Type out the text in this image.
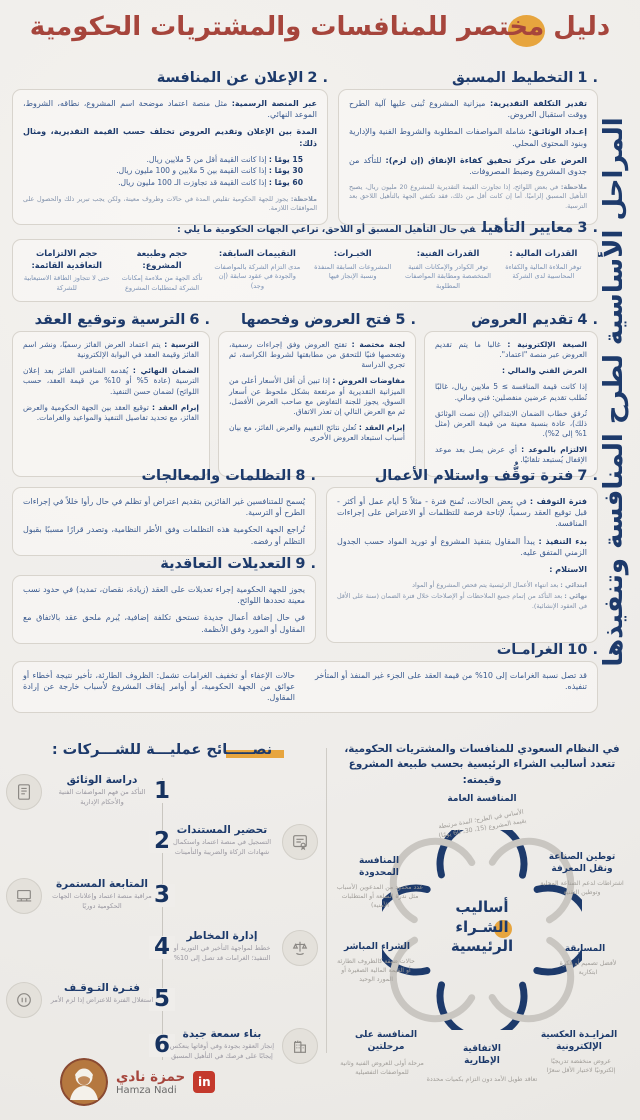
دليل مختصر للمنافسات والمشتريات الحكومية
المراحل الأساسية لطرح المنافسة وتنفيذها
1 .التخطيط المسبق

تقدير التكلفة التقديرية: ميزانية المشروع تُبنى عليها آلية الطرح ووقت استقبال العروض.

إعـداد الوثائـق: شاملة المواصفات المطلوبة والشروط الفنية والإدارية وبنود المحتوى المحلي.

العرض على مركز تحقيق كفاءة الإنفاق (إن لزم): للتأكد من جدوى المشروع وضبط المصروفات.

ملاحظة: في بعض اللوائح، إذا تجاوزت القيمة التقديرية للمشروع 20 مليون ريال، يصبح التأهيل المسبق إلزاميًا. أما إن كانت أقل من ذلك، فقد تكتفي الجهة بالتأهيل اللاحق بعد الترسية.

2 .الإعلان عن المنافسة

عبر المنصة الرسمية: مثل منصة اعتماد موضحة اسم المشروع، نطاقه، الشروط، الموعد النهائي.

المدة بين الإعلان وتقديم العروض تختلف حسب القيمة التقديرية، ومثال ذلك:

15 يومًا : إذا كانت القيمة أقل من 5 ملايين ريال.
30 يومًا : إذا كانت القيمة بين 5 ملايين و 100 مليون ريال.
60 يومًا : إذا كانت القيمة قد تجاوزت الـ 100 مليون ريال.

ملاحظة: يجوز للجهة الحكومية تقليص المدة في حالات وظروف معينة، ولكن يجب تبرير ذلك والحصول على الموافقات اللازمة.

3 .معايير التأهيلفي حال التأهيل المسبق أو اللاحق، تراعي الجهات الحكومية ما يلي :
القدرات المالية :
توفر الملاءة المالية والكفاءة المحاسبية لدى الشركة
القدرات الفنية:
توفر الكوادر والإمكانات الفنية المتخصصة ومطابقة المواصفات المطلوبة
الخبـرات:
المشروعات السابقة المنفذة ونسبة الإنجاز فيها
التقييمات السابقة:
مدى التزام الشركة بالمواصفات والجودة في عقود سابقة (إن وجد)
حجم وطبيعة المشروع:
تأكد الجهة من ملاءمة إمكانات الشركة لمتطلبات المشروع
حجم الالتزامات التعاقدية القائمة:
حتى لا تتجاوز الطاقة الاستيعابية للشركة
4 .تقديم العروض

الصيغة الإلكترونية : غالبا ما يتم تقديم العروض عبر منصة "اعتماد".

العرض الفني والمالي :

إذا كانت قيمة المنافسة ≥ 5 ملايين ريال، غالبًا تُطلب تقديم عرضين منفصلين: فني ومالي.

تُرفق خطاب الضمان الابتدائي (إن نصت الوثائق ذلك)، عادة بنسبة معينة من قيمة العرض (مثل 1% إلى 2%).

الالتزام بالموعد : أي عرض يصل بعد موعد الإقفال يُستبعد تلقائيًا.

5 .فتح العروض وفحصها

لجنة مختصة : تفتح العروض وفق إجراءات رسمية، وتفحصها فنيًا للتحقق من مطابقتها لشروط الكراسة، ثم تجري الدراسة

مفاوضات العروض : إذا تبين أن أقل الأسعار أعلى من الميزانية التقديرية أو مرتفعة بشكل ملحوظ عن أسعار السوق، يجوز للجنة التفاوض مع صاحب العرض الأفضل، ثم مع العرض التالي إن تعذر الاتفاق.

إبرام العقد : تُعلن نتائج التقييم والعرض الفائز، مع بيان أسباب استبعاد العروض الأخرى

6 .الترسية وتوقيع العقد

الترسية : يتم اعتماد العرض الفائز رسميًا، ونشر اسم الفائز وقيمة العقد في البوابة الإلكترونية

الضمان النهائي : يُقدمه المنافس الفائز بعد إعلان الترسية (عادة 5% أو 10% من قيمة العقد، حسب اللوائح) لضمان حسن التنفيذ.

إبرام العقد : توقيع العقد بين الجهة الحكومية والعرض الفائز، مع تحديد تفاصيل التنفيذ والمواعيد والغرامات.

7 .فترة توقُّف واستلام الأعمال

فترة التوقف : في بعض الحالات، تُمنح فترة - مثلاً 5 أيام عمل أو أكثر - قبل توقيع العقد رسمياً، لإتاحة فرصة للتظلمات أو الاعتراض على إجراءات المنافسة.

بدء التنفيذ : يبدأ المقاول بتنفيذ المشروع أو توريد المواد حسب الجدول الزمني المتفق عليه.

الاستلام :

ابتدائي : بعد انتهاء الأعمال الرئيسية يتم فحص المشروع أو المواد

نهائي : بعد التأكد من إتمام جميع الملاحظات أو الإصلاحات خلال فترة الضمان (سنة على الأقل في العقود الإنشائية).

8 .التظلمات والمعالجات

يُسمح للمتنافسين غير الفائزين بتقديم اعتراض أو تظلم في حال رأوا خللاً في إجراءات الطرح أو الترسية.

تُراجع الجهة الحكومية هذه التظلمات وفق الأطر النظامية، وتصدر قرارًا مسببًا بقبول التظلم أو رفضه.

9 .التعديلات التعاقدية

يجوز للجهة الحكومية إجراء تعديلات على العقد (زيادة، نقصان، تمديد) في حدود نسب معينة تحددها اللوائح.

في حال إضافة أعمال جديدة تستحق تكلفة إضافية، يُبرم ملحق عقد بالاتفاق مع المقاول أو المورد وفق الأنظمة.

10 .الغرامـات

قد تصل نسبة الغرامات إلى 10% من قيمة العقد على الجزء غير المنفذ أو المتأخر تنفيذه.

حالات الإعفاء أو تخفيف الغرامات تشمل: الظروف الطارئة، تأخير نتيجة أخطاء أو عوائق من الجهة الحكومية، أو أوامر إيقاف المشروع لأسباب خارجة عن إرادة المقاول.

في النظام السعودي للمنافسات والمشتريات الحكومية، تتعدد أساليب الشراء الرئيسية بحسب طبيعة المشروع وقيمته:

أساليب الشـراء الرئيسية
المنافسة العامة
الأساس في الطرح؛ المدة مرتبطة بقيمة المشروع (15، 30، 60 يومًا)
المنافسة المحدودة
عدد محدود من المدعوين (لأسباب مثل ندرة السلعة أو المتطلبات الأمنية)
توطين الصناعة ونقل المعرفة
اشتراطات لدعم الصناعة المحلية وتوطين التقنية
الشراء المباشر
حالات ضيقة كالظروف الطارئة أو القيمة المالية الصغيرة أو المورد الوحيد
المسابقة
لأفضل تصميم أو فكرة ابتكارية
المنافسة على مرحلتين
مرحلة أولى للعروض الفنية وثانية للمواصفات التفصيلية
المزايـدة العكسية الإلكترونية
عروض منخفضة تدريجيًا إلكترونيًا لاختيار الأقل سعرًا
الاتفاقية الإطارية
تعاقد طويل الأمد دون التزام بكميات محددة
نصـــــائح عمليـــة للشـــركات :
1
دراسة الوثائق
التأكد من فهم المواصفات الفنية والأحكام الإدارية
2 تحضير المستندات
التسجيل في منصة اعتماد واستكمال شهادات الزكاة والضريبة والتأمينات
3
المتابعة المستمرة
مراقبة منصة اعتماد وإعلانات الجهات الحكومية دوريًا
4	إدارة المخاطر
خطط لمواجهة التأخير في التوريد أو التنفيذ؛ الغرامات قد تصل إلى 10%
5
فتـرة التـوقـف
استغلال الفترة للاعتراض إذا لزم الأمر
6	بناء سمعة جيدة
إنجاز العقود بجودة وفي أوقاتها ينعكس إيجابًا على فرصك في التأهيل المسبق
حمزة نادي
Hamza Nadi
in
